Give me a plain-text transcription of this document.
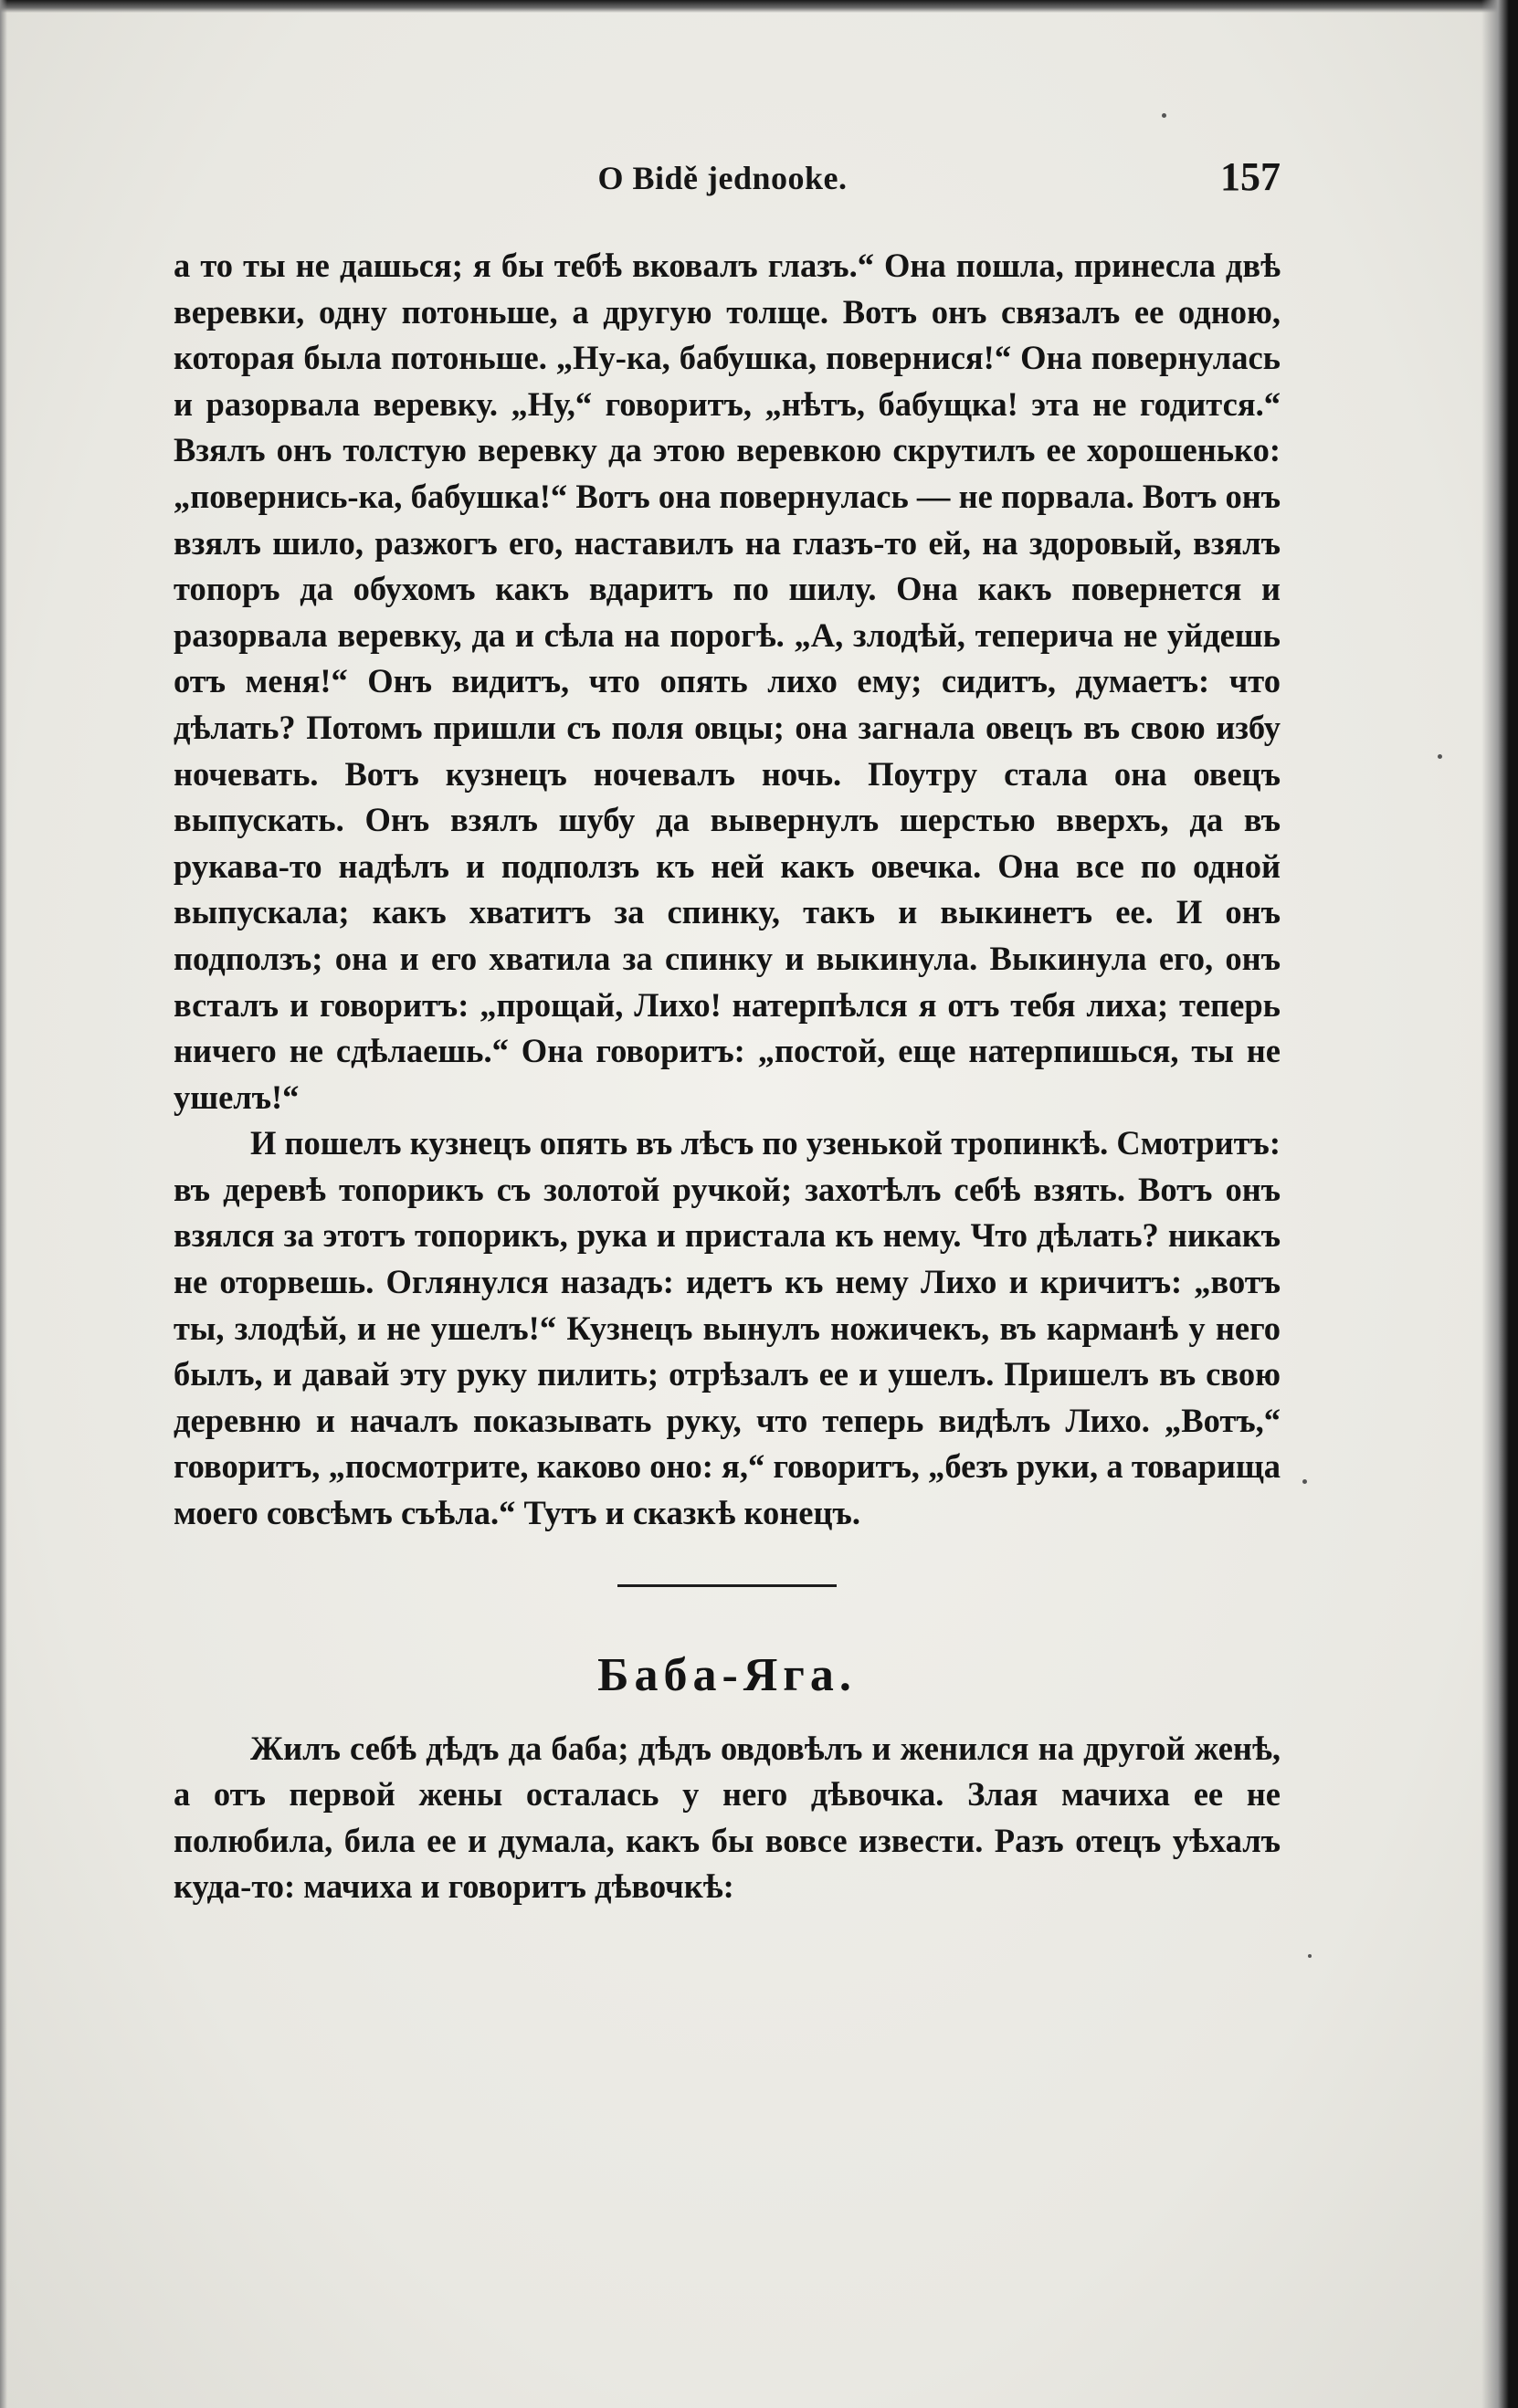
O Bidě jednooke.	157

а то ты не дашься; я бы тебѣ вковалъ глазъ.“ Она пошла, принесла двѣ веревки, одну потоньше, а другую толще. Вотъ онъ связалъ ее одною, которая была потоньше. „Ну-ка, бабушка, повернися!“ Она повернулась и разорвала веревку. „Ну,“ говоритъ, „нѣтъ, бабущка! эта не годится.“ Взялъ онъ толстую веревку да этою веревкою скрутилъ ее хорошенько: „повернись-ка, бабушка!“ Вотъ она повернулась — не порвала. Вотъ онъ взялъ шило, разжогъ его, наставилъ на глазъ-то ей, на здоровый, взялъ топоръ да обухомъ какъ вдаритъ по шилу. Она какъ повернется и разорвала веревку, да и сѣла на порогѣ. „А, злодѣй, теперича не уйдешь отъ меня!“ Онъ видитъ, что опять лихо ему; сидитъ, думаетъ: что дѣлать? Потомъ пришли съ поля овцы; она загнала овецъ въ свою избу ночевать. Вотъ кузнецъ ночевалъ ночь. Поутру стала она овецъ выпускать. Онъ взялъ шубу да вывернулъ шерстью вверхъ, да въ рукава-то надѣлъ и подползъ къ ней какъ овечка. Она все по одной выпускала; какъ хватитъ за спинку, такъ и выкинетъ ее. И онъ подползъ; она и его хватила за спинку и выкинула. Выкинула его, онъ всталъ и говоритъ: „прощай, Лихо! натерпѣлся я отъ тебя лиха; теперь ничего не сдѣлаешь.“ Она говоритъ: „постой, еще натерпишься, ты не ушелъ!“

И пошелъ кузнецъ опять въ лѣсъ по узенькой тропинкѣ. Смотритъ: въ деревѣ топорикъ съ золотой ручкой; захотѣлъ себѣ взять. Вотъ онъ взялся за этотъ топорикъ, рука и пристала къ нему. Что дѣлать? никакъ не оторвешь. Оглянулся назадъ: идетъ къ нему Лихо и кричитъ: „вотъ ты, злодѣй, и не ушелъ!“ Кузнецъ вынулъ ножичекъ, въ карманѣ у него былъ, и давай эту руку пилить; отрѣзалъ ее и ушелъ. Пришелъ въ свою деревню и началъ показывать руку, что теперь видѣлъ Лихо. „Вотъ,“ говоритъ, „посмотрите, каково оно: я,“ говоритъ, „безъ руки, а товарища моего совсѣмъ съѣла.“ Тутъ и сказкѣ конецъ.

Баба-Яга.

Жилъ себѣ дѣдъ да баба; дѣдъ овдовѣлъ и женился на другой женѣ, а отъ первой жены осталась у него дѣвочка. Злая мачиха ее не полюбила, била ее и думала, какъ бы вовсе извести. Разъ отецъ уѣхалъ куда-то: мачиха и говоритъ дѣвочкѣ:
